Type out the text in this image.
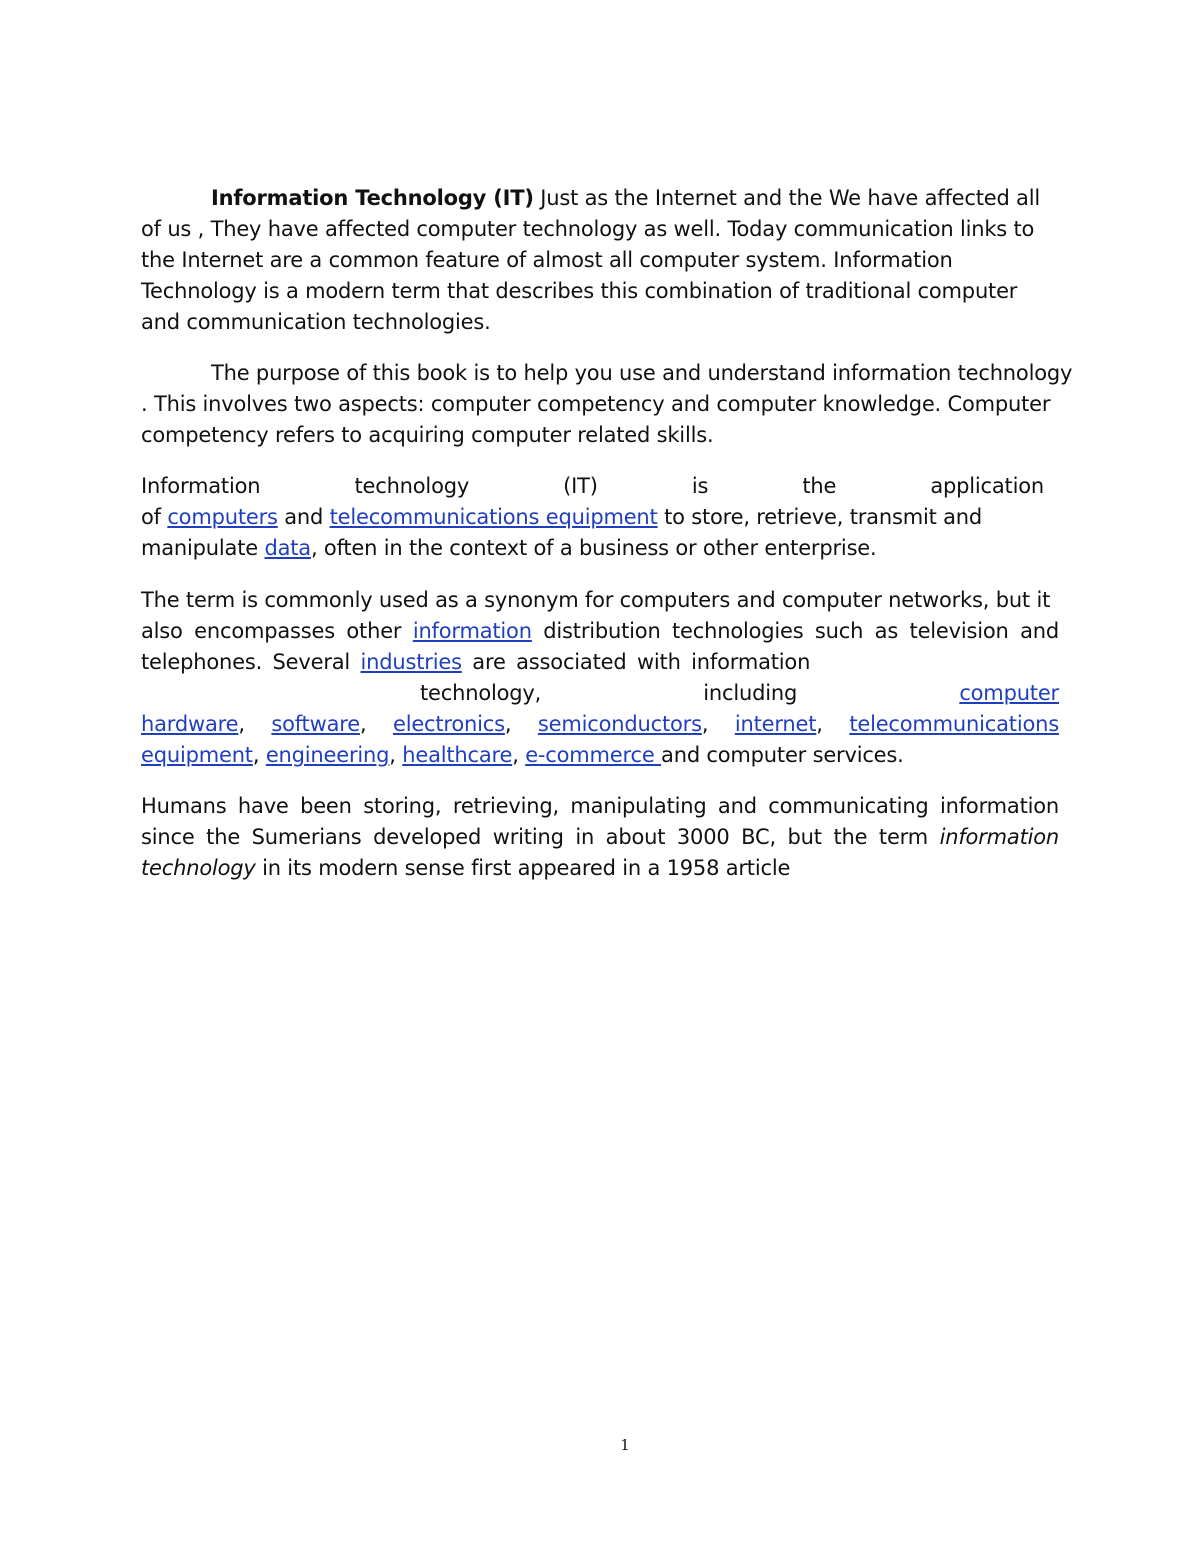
Information Technology (IT) Just as the Internet and the We have affected all
of us , They have affected computer technology as well. Today communication links to
the Internet are a common feature of almost all computer system. Information
Technology is a modern term that describes this combination of traditional computer
and communication technologies.

The purpose of this book is to help you use and understand information technology
. This involves two aspects: computer competency and computer knowledge. Computer
competency refers to acquiring computer related skills.

Information	technology	(IT)	is	the	application
of computers and telecommunications equipment to store, retrieve, transmit and
manipulate data, often in the context of a business or other enterprise.
The term is commonly used as a synonym for computers and computer networks, but it
also encompasses other information distribution technologies such as television and
telephones. Several industries are associated with information
technology,	including	computer
hardware, software, electronics, semiconductors, internet, telecommunications
equipment, engineering, healthcare, e-commerce and computer services.

Humans have been storing, retrieving, manipulating and communicating information since the Sumerians developed writing in about 3000 BC, but the term information technology in its modern sense first appeared in a 1958 article

1
